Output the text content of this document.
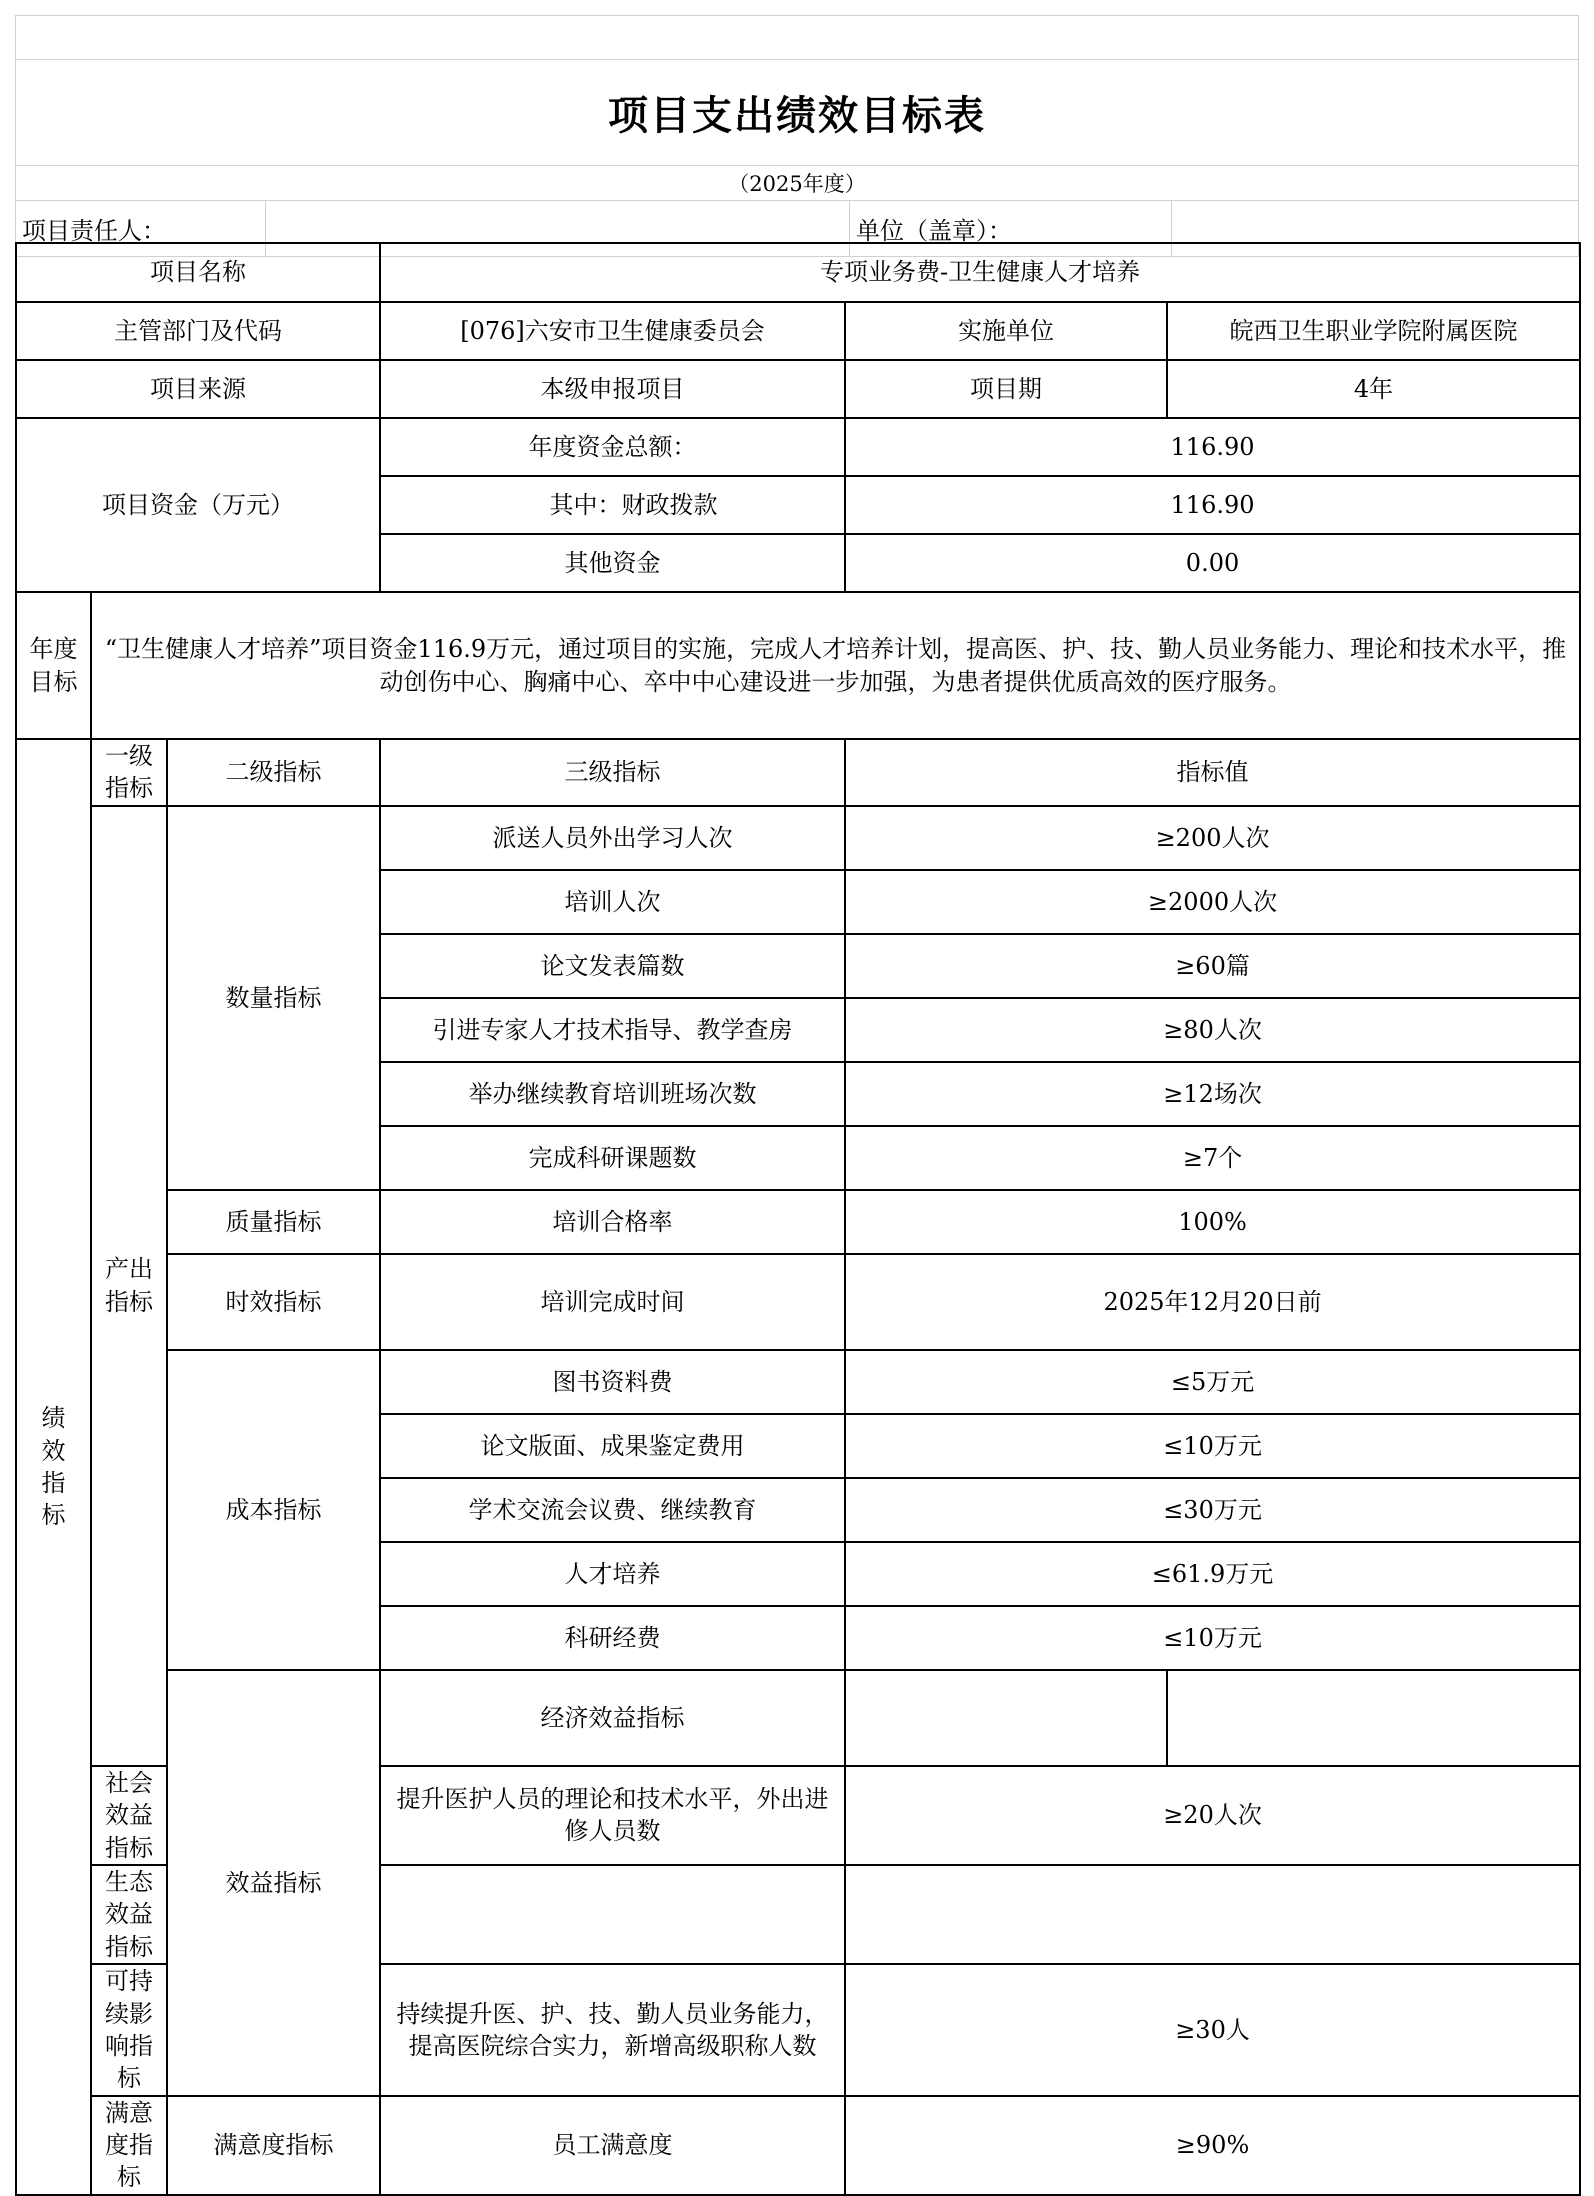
项目支出绩效目标表
（2025年度）
项目责任人：	单位（盖章）：
项目名称			专项业务费-卫生健康人才培养		
主管部门及代码			[076]六安市卫生健康委员会	实施单位	皖西卫生职业学院附属医院
项目来源			本级申报项目	项目期	4年
项目资金（万元）			年度资金总额：	116.90	
			其中：财政拨款	116.90	
			其他资金	0.00	
年度目标	“卫生健康人才培养”项目资金116.9万元，通过项目的实施，完成人才培养计划，提高医、护、技、勤人员业务能力、理论和技术水平，推动创伤中心、胸痛中心、卒中中心建设进一步加强，为患者提供优质高效的医疗服务。				
绩效指标	一级指标	二级指标	三级指标	指标值	
	产出指标	数量指标	派送人员外出学习人次	≥200人次	
			培训人次	≥2000人次	
			论文发表篇数	≥60篇	
			引进专家人才技术指导、教学查房	≥80人次	
			举办继续教育培训班场次数	≥12场次	
			完成科研课题数	≥7个	
		质量指标	培训合格率	100%	
		时效指标	培训完成时间	2025年12月20日前	
		成本指标	图书资料费	≤5万元	
			论文版面、成果鉴定费用	≤10万元	
			学术交流会议费、继续教育	≤30万元	
			人才培养	≤61.9万元	
			科研经费	≤10万元	
		效益指标	经济效益指标		
	社会效益指标		提升医护人员的理论和技术水平，外出进修人员数	≥20人次	
	生态效益指标				
	可持续影响指标		持续提升医、护、技、勤人员业务能力，提高医院综合实力，新增高级职称人数	≥30人	
	满意度指标	满意度指标	员工满意度	≥90%	
